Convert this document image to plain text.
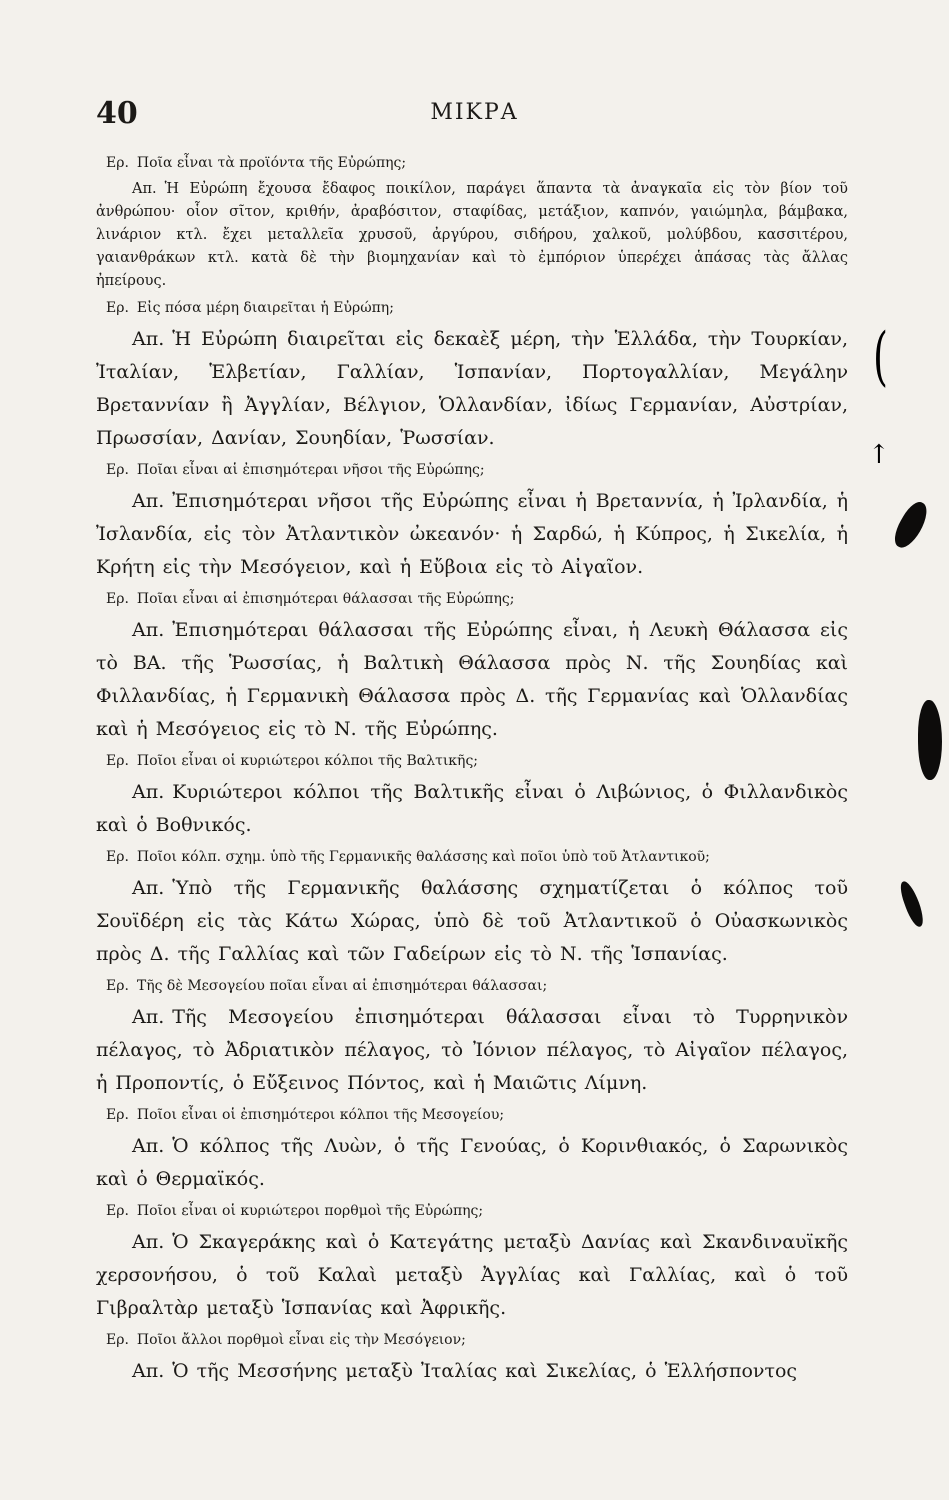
40	ΜΙΚΡΑ

Ερ. Ποῖα εἶναι τὰ προϊόντα τῆς Εὐρώπης;

Απ. Ἡ Εὐρώπη ἔχουσα ἔδαφος ποικίλον, παράγει ἅπαντα τὰ ἀναγκαῖα εἰς τὸν βίον τοῦ ἀνθρώπου· οἷον σῖτον, κριθήν, ἀραβόσιτον, σταφίδας, μετάξιον, καπνόν, γαιώμηλα, βάμβακα, λινάριον κτλ. ἔχει μεταλλεῖα χρυσοῦ, ἀργύρου, σιδήρου, χαλκοῦ, μολύβδου, κασσιτέρου, γαιανθράκων κτλ. κατὰ δὲ τὴν βιομηχανίαν καὶ τὸ ἐμπόριον ὑπερέχει ἁπάσας τὰς ἄλλας ἠπείρους.

Ερ. Εἰς πόσα μέρη διαιρεῖται ἡ Εὐρώπη;

Απ. Ἡ Εὐρώπη διαιρεῖται εἰς δεκαὲξ μέρη, τὴν Ἑλλάδα, τὴν Τουρκίαν, Ἰταλίαν, Ἑλβετίαν, Γαλλίαν, Ἱσπανίαν, Πορτογαλλίαν, Μεγάλην Βρεταννίαν ἢ Ἀγγλίαν, Βέλγιον, Ὁλλανδίαν, ἰδίως Γερμανίαν, Αὐστρίαν, Πρωσσίαν, Δανίαν, Σουηδίαν, Ῥωσσίαν.

Ερ. Ποῖαι εἶναι αἱ ἐπισημότεραι νῆσοι τῆς Εὐρώπης;

Απ. Ἐπισημότεραι νῆσοι τῆς Εὐρώπης εἶναι ἡ Βρεταννία, ἡ Ἰρλανδία, ἡ Ἰσλανδία, εἰς τὸν Ἀτλαντικὸν ὠκεανόν· ἡ Σαρδώ, ἡ Κύπρος, ἡ Σικελία, ἡ Κρήτη εἰς τὴν Μεσόγειον, καὶ ἡ Εὔβοια εἰς τὸ Αἰγαῖον.

Ερ. Ποῖαι εἶναι αἱ ἐπισημότεραι θάλασσαι τῆς Εὐρώπης;

Απ. Ἐπισημότεραι θάλασσαι τῆς Εὐρώπης εἶναι, ἡ Λευκὴ Θάλασσα εἰς τὸ ΒΑ. τῆς Ῥωσσίας, ἡ Βαλτικὴ Θάλασσα πρὸς Ν. τῆς Σουηδίας καὶ Φιλλανδίας, ἡ Γερμανικὴ Θάλασσα πρὸς Δ. τῆς Γερμανίας καὶ Ὁλλανδίας καὶ ἡ Μεσόγειος εἰς τὸ Ν. τῆς Εὐρώπης.

Ερ. Ποῖοι εἶναι οἱ κυριώτεροι κόλποι τῆς Βαλτικῆς;

Απ. Κυριώτεροι κόλποι τῆς Βαλτικῆς εἶναι ὁ Λιβώνιος, ὁ Φιλλανδικὸς καὶ ὁ Βοθνικός.

Ερ. Ποῖοι κόλπ. σχημ. ὑπὸ τῆς Γερμανικῆς θαλάσσης καὶ ποῖοι ὑπὸ τοῦ Ἀτλαντικοῦ;

Απ. Ὑπὸ τῆς Γερμανικῆς θαλάσσης σχηματίζεται ὁ κόλπος τοῦ Σουϊδέρη εἰς τὰς Κάτω Χώρας, ὑπὸ δὲ τοῦ Ἀτλαντικοῦ ὁ Οὐασκωνικὸς πρὸς Δ. τῆς Γαλλίας καὶ τῶν Γαδείρων εἰς τὸ Ν. τῆς Ἱσπανίας.

Ερ. Τῆς δὲ Μεσογείου ποῖαι εἶναι αἱ ἐπισημότεραι θάλασσαι;

Απ. Τῆς Μεσογείου ἐπισημότεραι θάλασσαι εἶναι τὸ Τυρρηνικὸν πέλαγος, τὸ Ἀδριατικὸν πέλαγος, τὸ Ἰόνιον πέλαγος, τὸ Αἰγαῖον πέλαγος, ἡ Προποντίς, ὁ Εὔξεινος Πόντος, καὶ ἡ Μαιῶτις Λίμνη.

Ερ. Ποῖοι εἶναι οἱ ἐπισημότεροι κόλποι τῆς Μεσογείου;

Απ. Ὁ κόλπος τῆς Λυὼν, ὁ τῆς Γενούας, ὁ Κορινθιακός, ὁ Σαρωνικὸς καὶ ὁ Θερμαϊκός.

Ερ. Ποῖοι εἶναι οἱ κυριώτεροι πορθμοὶ τῆς Εὐρώπης;

Απ. Ὁ Σκαγεράκης καὶ ὁ Κατεγάτης μεταξὺ Δανίας καὶ Σκανδιναυϊκῆς χερσονήσου, ὁ τοῦ Καλαὶ μεταξὺ Ἀγγλίας καὶ Γαλλίας, καὶ ὁ τοῦ Γιβραλτὰρ μεταξὺ Ἱσπανίας καὶ Ἀφρικῆς.

Ερ. Ποῖοι ἄλλοι πορθμοὶ εἶναι εἰς τὴν Μεσόγειον;

Απ. Ὁ τῆς Μεσσήνης μεταξὺ Ἰταλίας καὶ Σικελίας, ὁ Ἑλλήσποντος

(
↑
